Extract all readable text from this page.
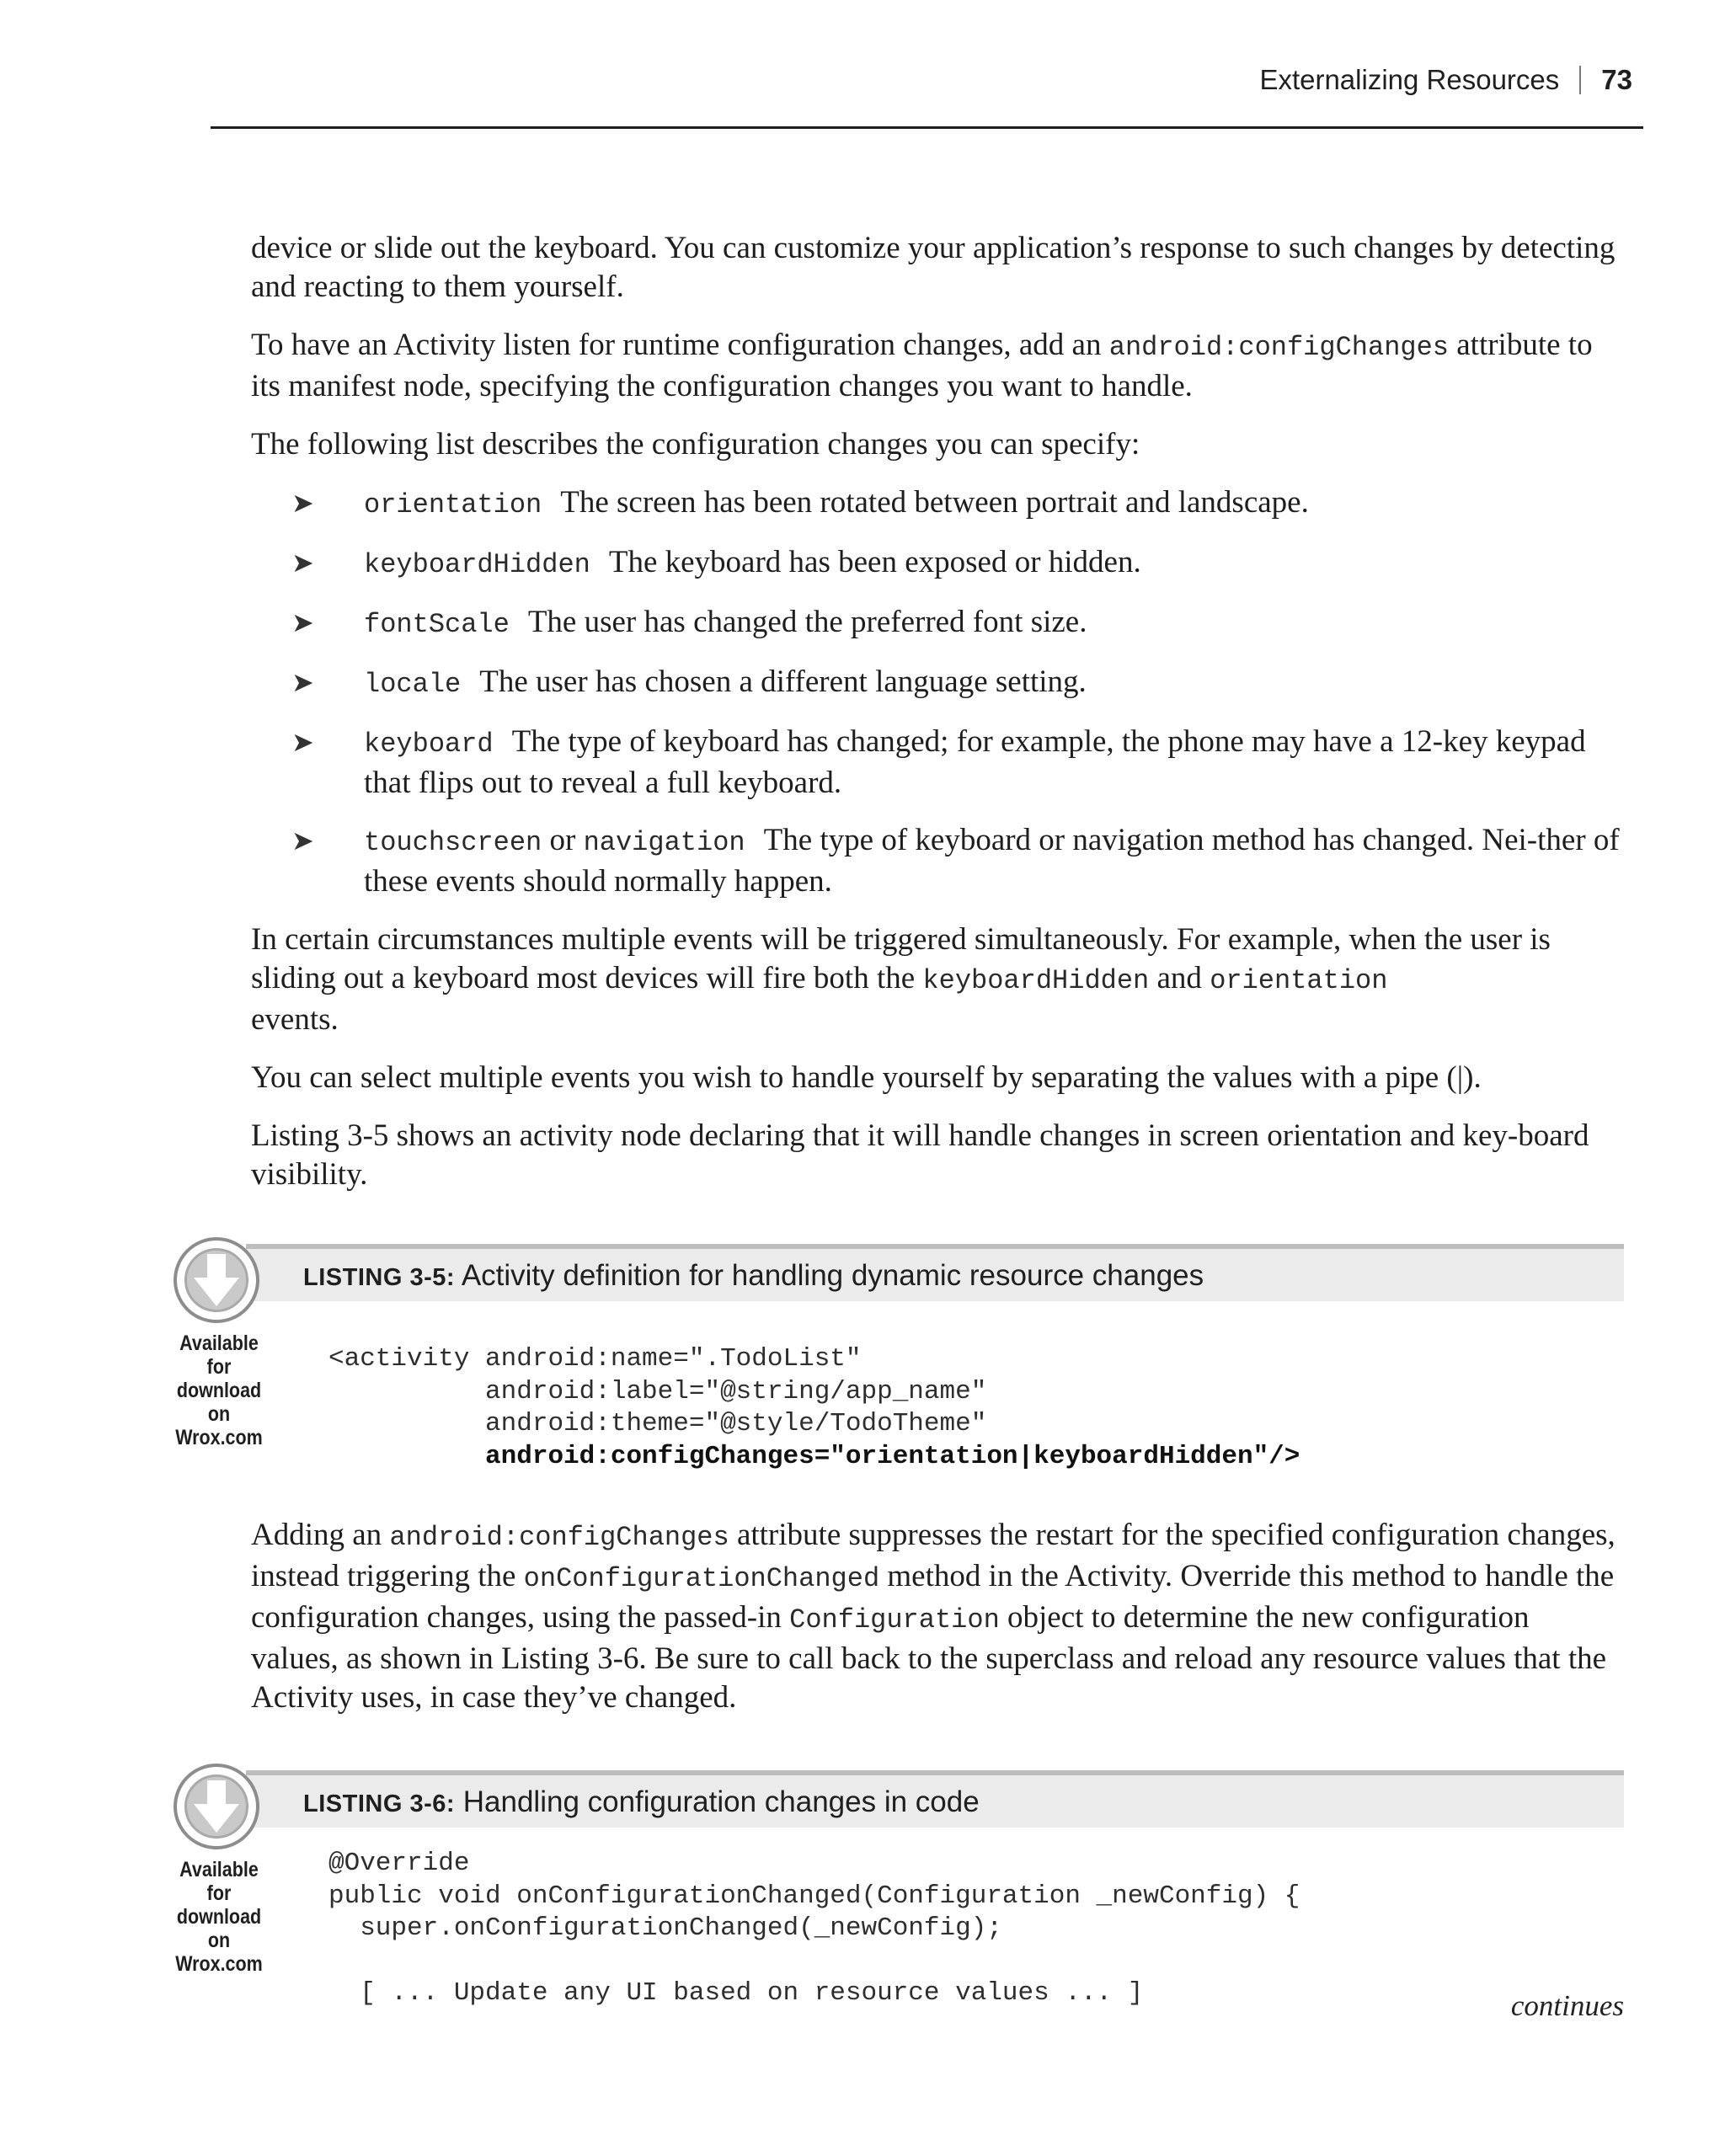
Externalizing Resources 73

device or slide out the keyboard. You can customize your application’s response to such changes by detecting and reacting to them yourself.

To have an Activity listen for runtime configuration changes, add an android:configChanges attribute to its manifest node, specifying the configuration changes you want to handle.

The following list describes the configuration changes you can specify:

➤ orientation The screen has been rotated between portrait and landscape.
➤ keyboardHidden The keyboard has been exposed or hidden.
➤ fontScale The user has changed the preferred font size.
➤ locale The user has chosen a different language setting.
➤ keyboard The type of keyboard has changed; for example, the phone may have a 12-key keypad that flips out to reveal a full keyboard.
➤ touchscreen or navigation The type of keyboard or navigation method has changed. Nei-ther of these events should normally happen.

In certain circumstances multiple events will be triggered simultaneously. For example, when the user is sliding out a keyboard most devices will fire both the keyboardHidden and orientation
events.

You can select multiple events you wish to handle yourself by separating the values with a pipe (|).

Listing 3-5 shows an activity node declaring that it will handle changes in screen orientation and key-board visibility.

LISTING 3-5: Activity definition for handling dynamic resource changes
Available for
download on
Wrox.com
<activity android:name=".TodoList"
android:label="@string/app_name"
android:theme="@style/TodoTheme"
android:configChanges="orientation|keyboardHidden"/>

Adding an android:configChanges attribute suppresses the restart for the specified configuration changes, instead triggering the onConfigurationChanged method in the Activity. Override this method to handle the configuration changes, using the passed-in Configuration object to determine the new configuration values, as shown in Listing 3-6. Be sure to call back to the superclass and reload any resource values that the Activity uses, in case they’ve changed.

LISTING 3-6: Handling configuration changes in code
Available for
download on
Wrox.com
@Override
public void onConfigurationChanged(Configuration _newConfig) {
super.onConfigurationChanged(_newConfig);

[ ... Update any UI based on resource values ... ]	continues
